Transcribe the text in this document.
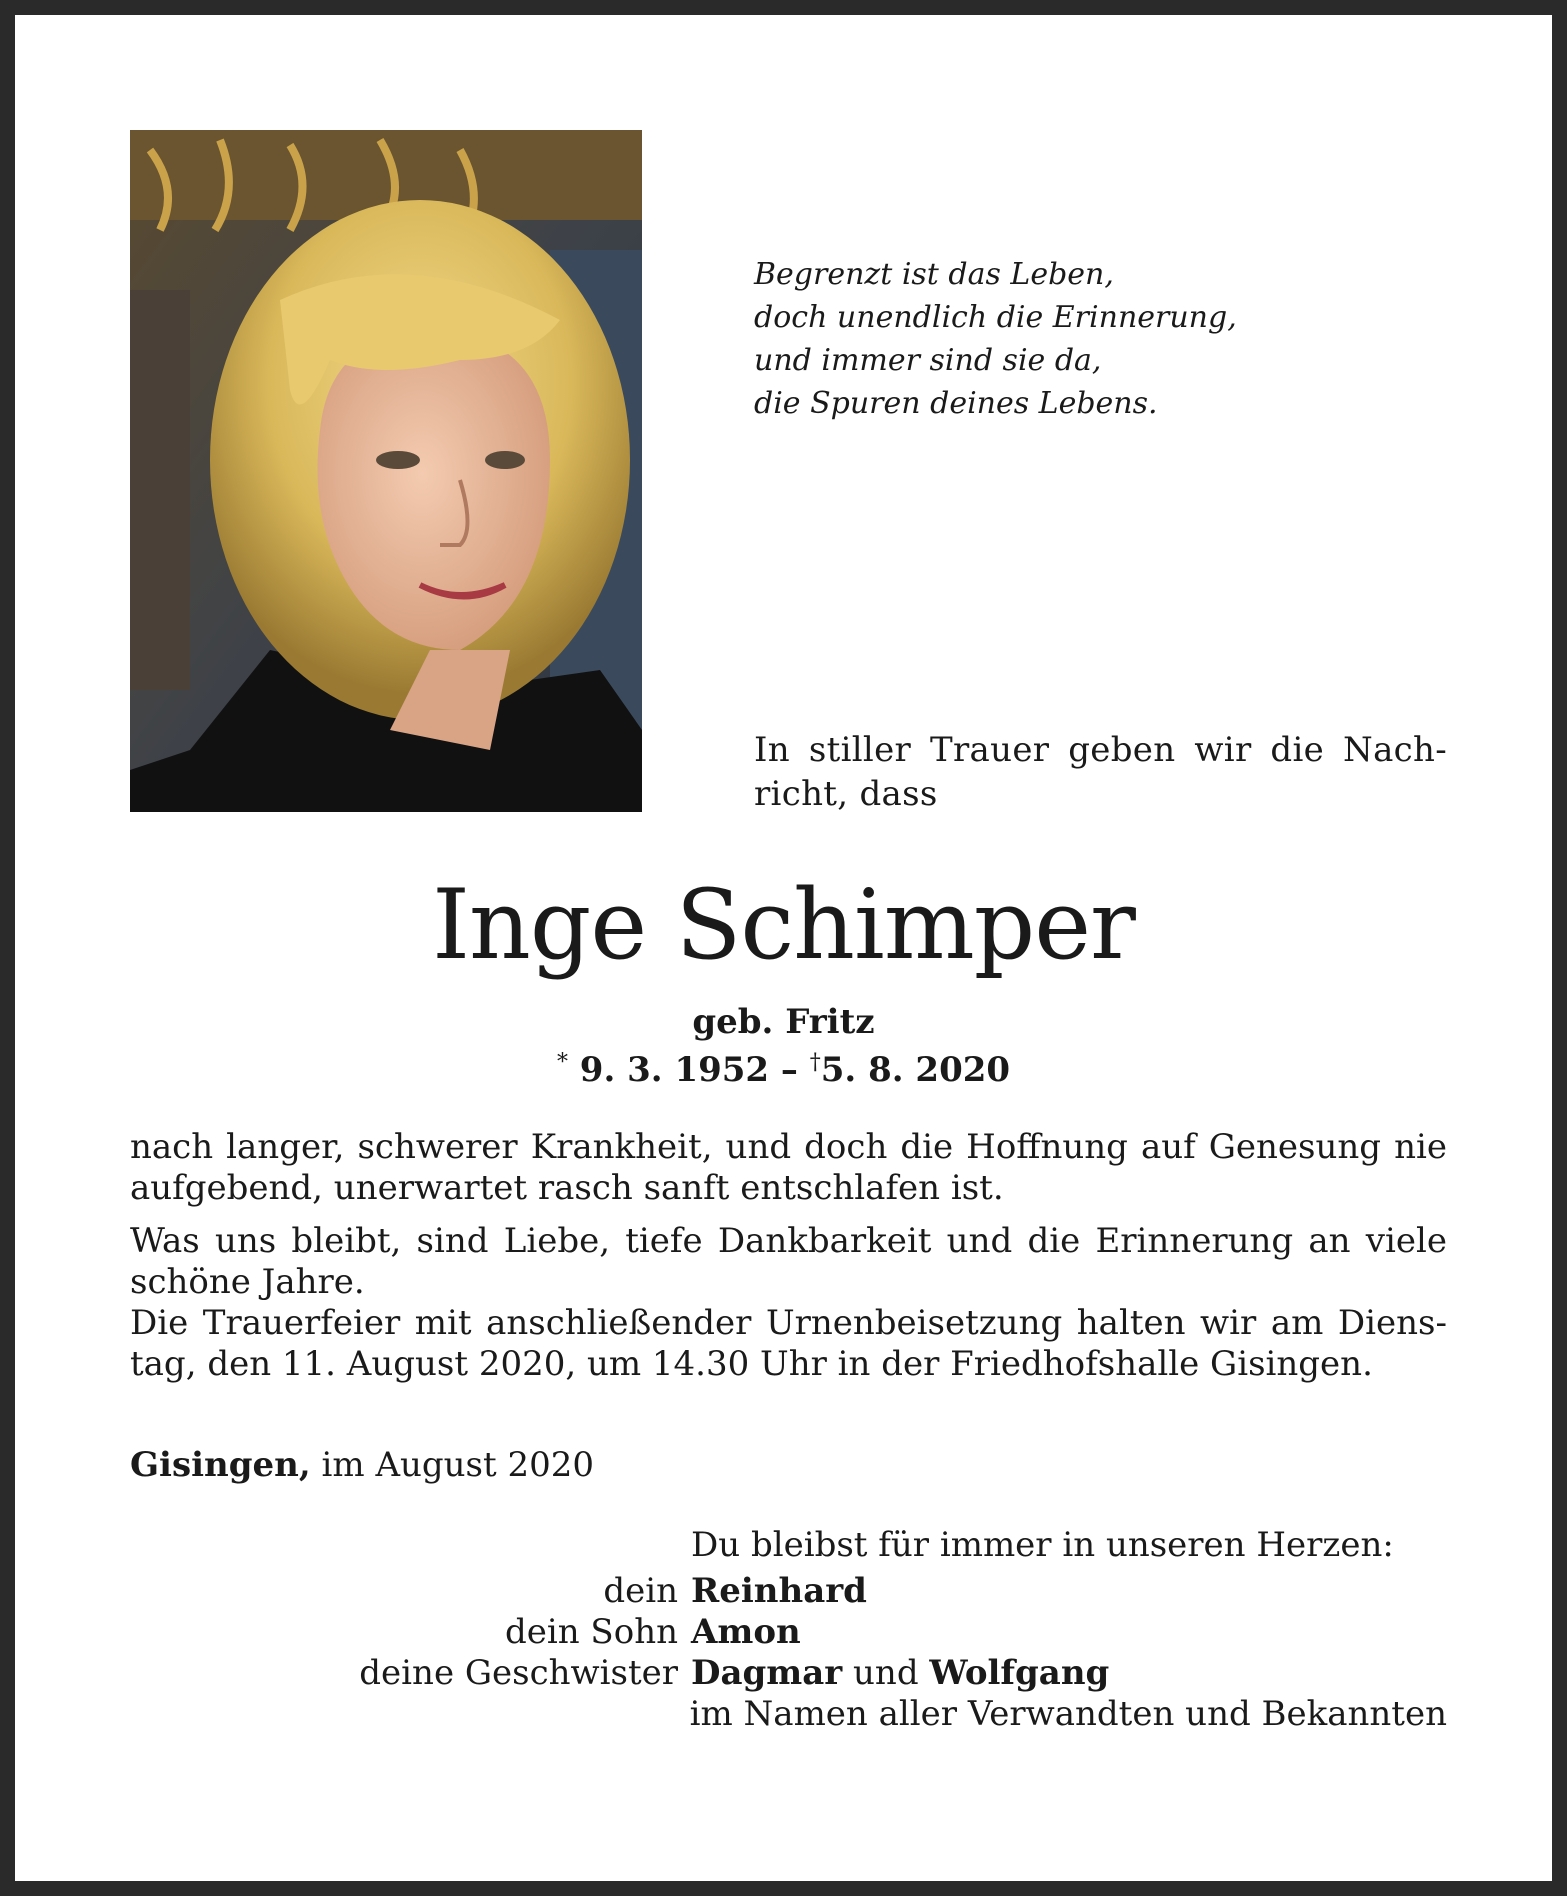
Begrenzt ist das Leben,
doch unendlich die Erinnerung,
und immer sind sie da,
die Spuren deines Lebens.
In stiller Trauer geben wir die Nach- richt, dass
Inge Schimper
geb. Fritz
* 9. 3. 1952 – †5. 8. 2020

nach langer, schwerer Krankheit, und doch die Hoffnung auf Genesung nie aufgebend, unerwartet rasch sanft entschlafen ist.

Was uns bleibt, sind Liebe, tiefe Dankbarkeit und die Erinnerung an viele schöne Jahre.

Die Trauerfeier mit anschließender Urnenbeisetzung halten wir am Diens- tag, den 11. August 2020, um 14.30 Uhr in der Friedhofshalle Gisingen.

Gisingen, im August 2020
Du bleibst für immer in unseren Herzen:
dein Reinhard
dein Sohn Amon
deine Geschwister Dagmar und Wolfgang
im Namen aller Verwandten und Bekannten
